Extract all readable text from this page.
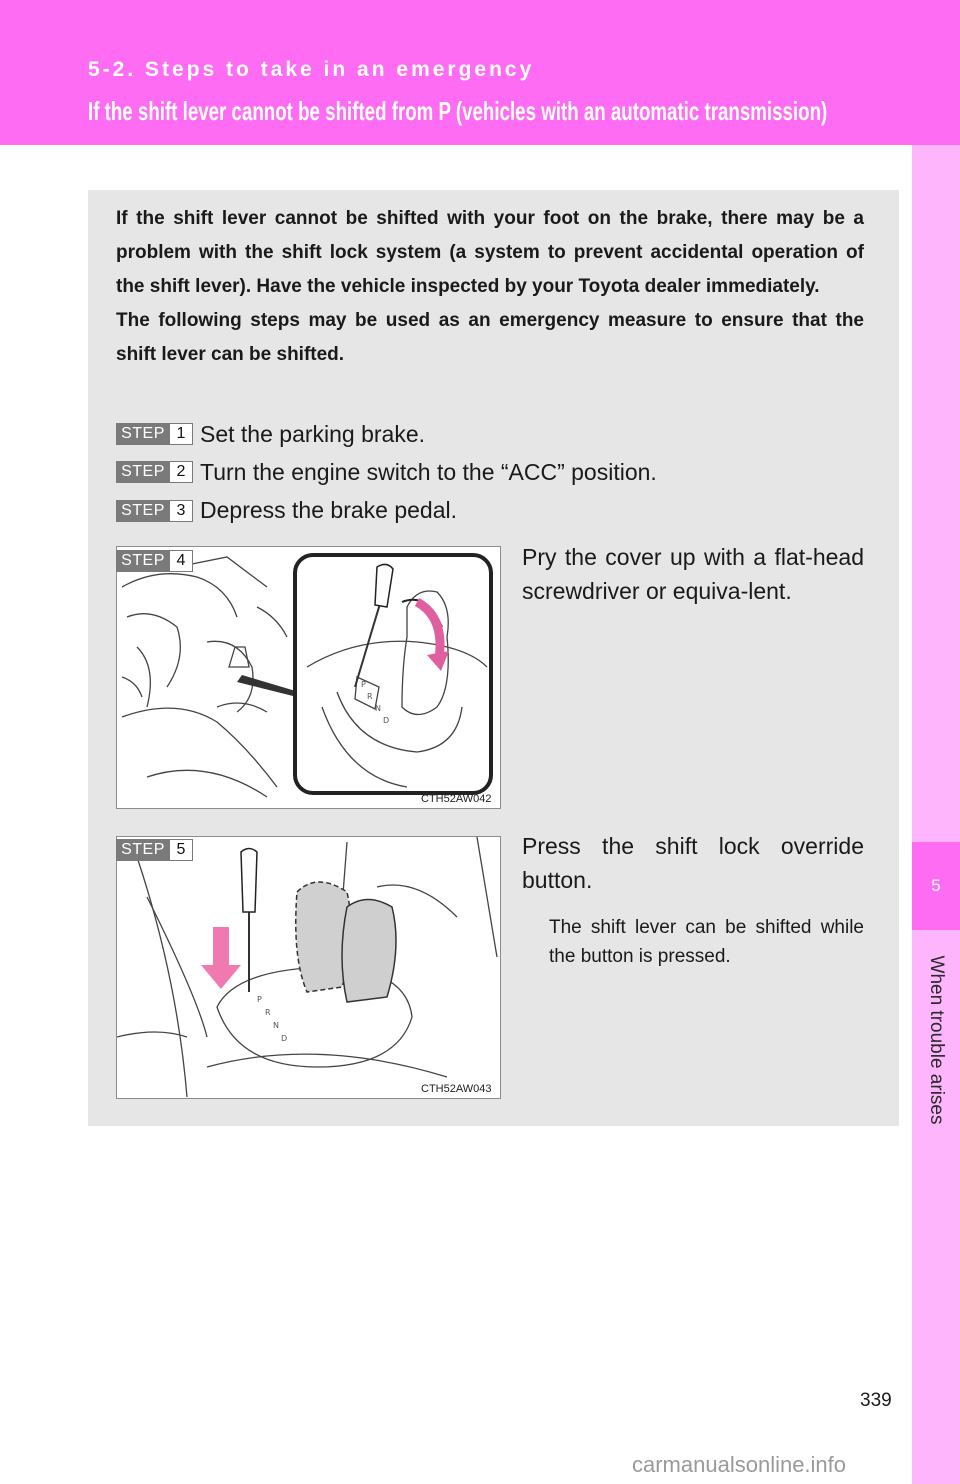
5-2. Steps to take in an emergency
If the shift lever cannot be shifted from P (vehicles with an automatic transmission)
5
When trouble arises

If the shift lever cannot be shifted with your foot on the brake, there may be a problem with the shift lock system (a system to prevent accidental operation of the shift lever). Have the vehicle inspected by your Toyota dealer immediately.

The following steps may be used as an emergency measure to ensure that the shift lever can be shifted.

STEP 1 Set the parking brake.
STEP 2 Turn the engine switch to the “ACC” position.
STEP 3 Depress the brake pedal.
P
R
N
D
CTH52AW042
STEP 4	Pry the cover up with a flat-head screwdriver or equiva-lent.
P
R
N
D
CTH52AW043
STEP 5	Press the shift lock override button.
The shift lever can be shifted while the button is pressed.
339
carmanualsonline.info
